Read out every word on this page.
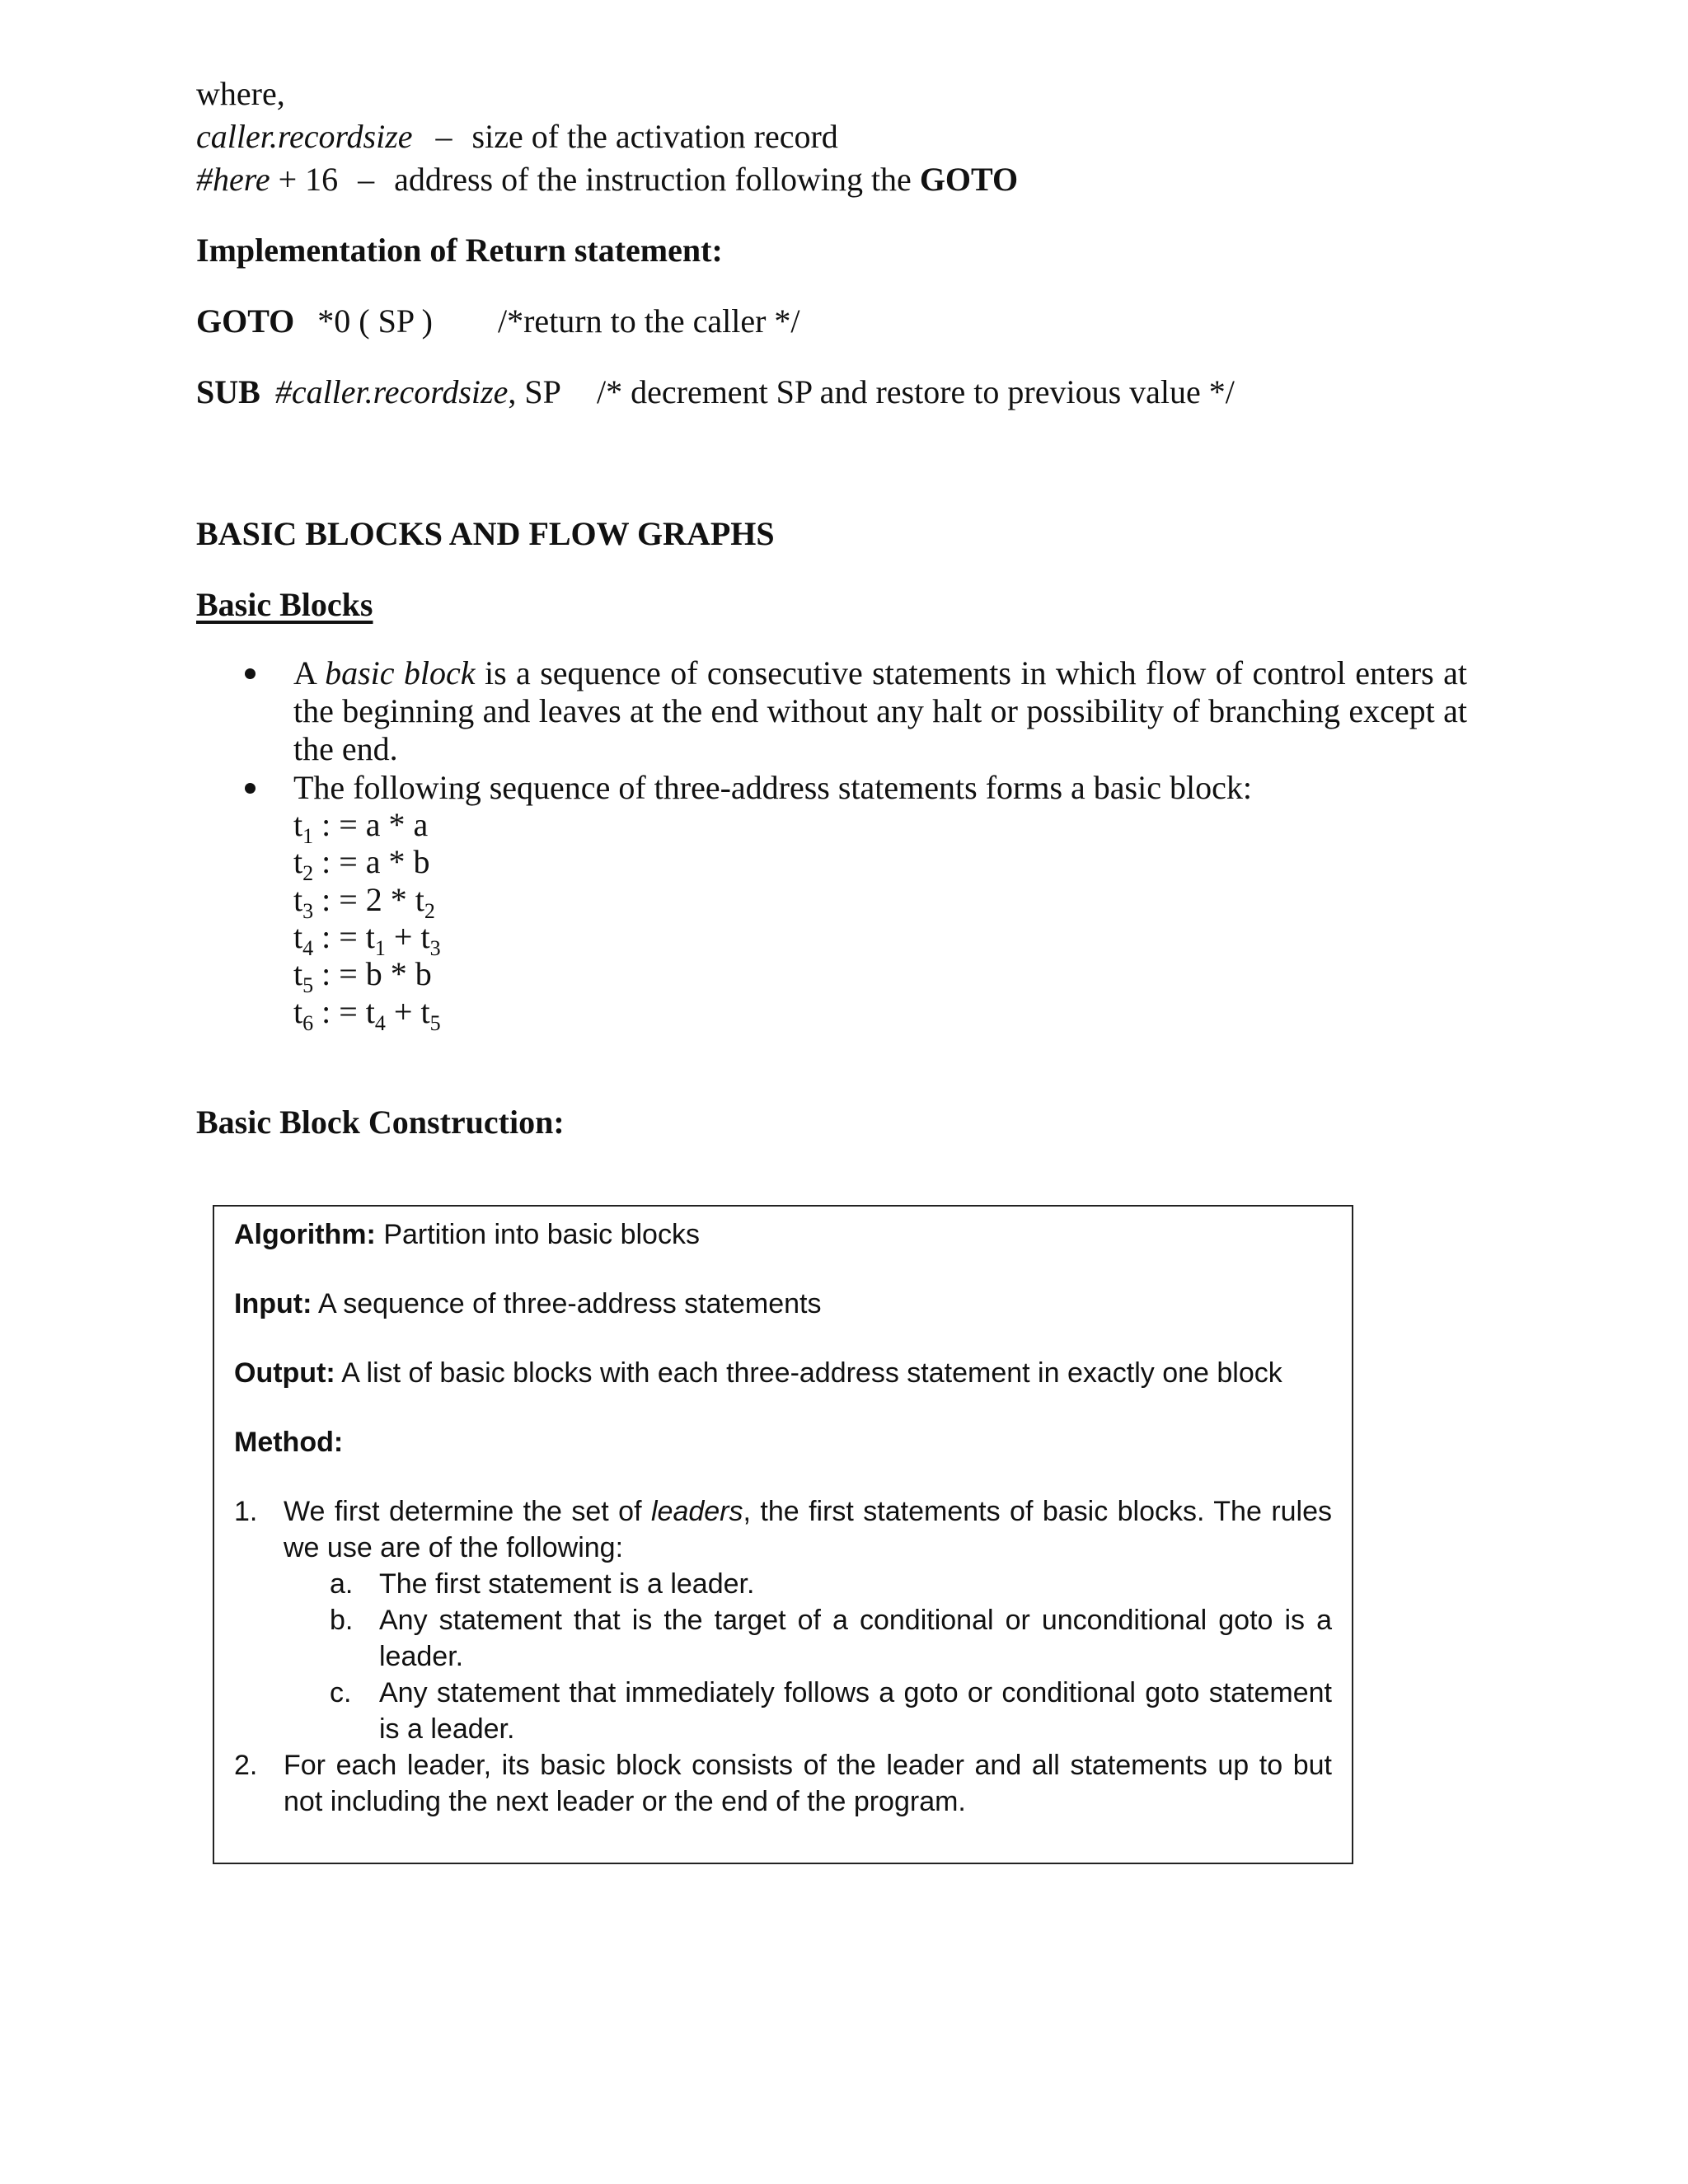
where,
caller.recordsize – size of the activation record
#here + 16 – address of the instruction following the GOTO
Implementation of Return statement:
GOTO *0 ( SP ) /*return to the caller */
SUB #caller.recordsize, SP /* decrement SP and restore to previous value */
BASIC BLOCKS AND FLOW GRAPHS
Basic Blocks
A basic block is a sequence of consecutive statements in which flow of control enters at the beginning and leaves at the end without any halt or possibility of branching except at the end.
The following sequence of three-address statements forms a basic block:
$t_1$ : = a * a
$t_2$ : = a * b
$t_3$ : = $2 * t_2$
$t_4$ : = $t_1 + t_3$
$t_5$ : = b * b
$t_6$ : = $t_4 + t_5$
Basic Block Construction:
Algorithm: Partition into basic blocks
Input: A sequence of three-address statements
Output: A list of basic blocks with each three-address statement in exactly one block
Method:
1. We first determine the set of leaders, the first statements of basic blocks. The rules we use are of the following:
a. The first statement is a leader.
b. Any statement that is the target of a conditional or unconditional goto is a leader.
c. Any statement that immediately follows a goto or conditional goto statement is a leader.
2. For each leader, its basic block consists of the leader and all statements up to but not including the next leader or the end of the program.
